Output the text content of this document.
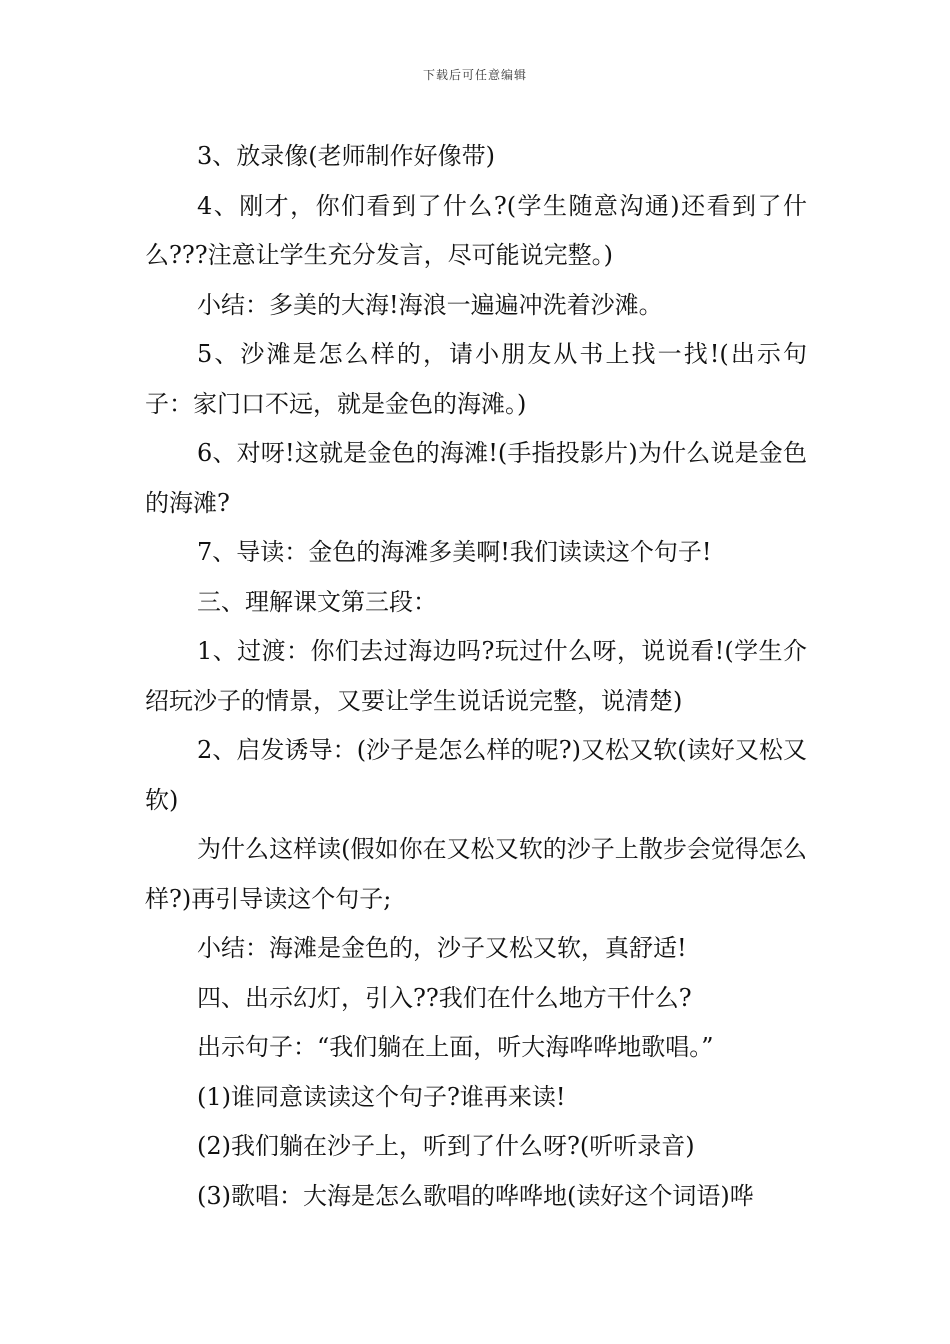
下载后可任意编辑

3、放录像(老师制作好像带)

4、刚才，你们看到了什么?(学生随意沟通)还看到了什么???注意让学生充分发言，尽可能说完整。)

小结：多美的大海!海浪一遍遍冲洗着沙滩。

5、沙滩是怎么样的，请小朋友从书上找一找!(出示句子：家门口不远，就是金色的海滩。)

6、对呀!这就是金色的海滩!(手指投影片)为什么说是金色的海滩?

7、导读：金色的海滩多美啊!我们读读这个句子!

三、理解课文第三段：

1、过渡：你们去过海边吗?玩过什么呀，说说看!(学生介绍玩沙子的情景，又要让学生说话说完整，说清楚)

2、启发诱导：(沙子是怎么样的呢?)又松又软(读好又松又软)

为什么这样读(假如你在又松又软的沙子上散步会觉得怎么样?)再引导读这个句子;

小结：海滩是金色的，沙子又松又软，真舒适!

四、出示幻灯，引入??我们在什么地方干什么?

出示句子：“我们躺在上面，听大海哗哗地歌唱。”

(1)谁同意读读这个句子?谁再来读!

(2)我们躺在沙子上，听到了什么呀?(听听录音)

(3)歌唱：大海是怎么歌唱的哗哗地(读好这个词语)哗
